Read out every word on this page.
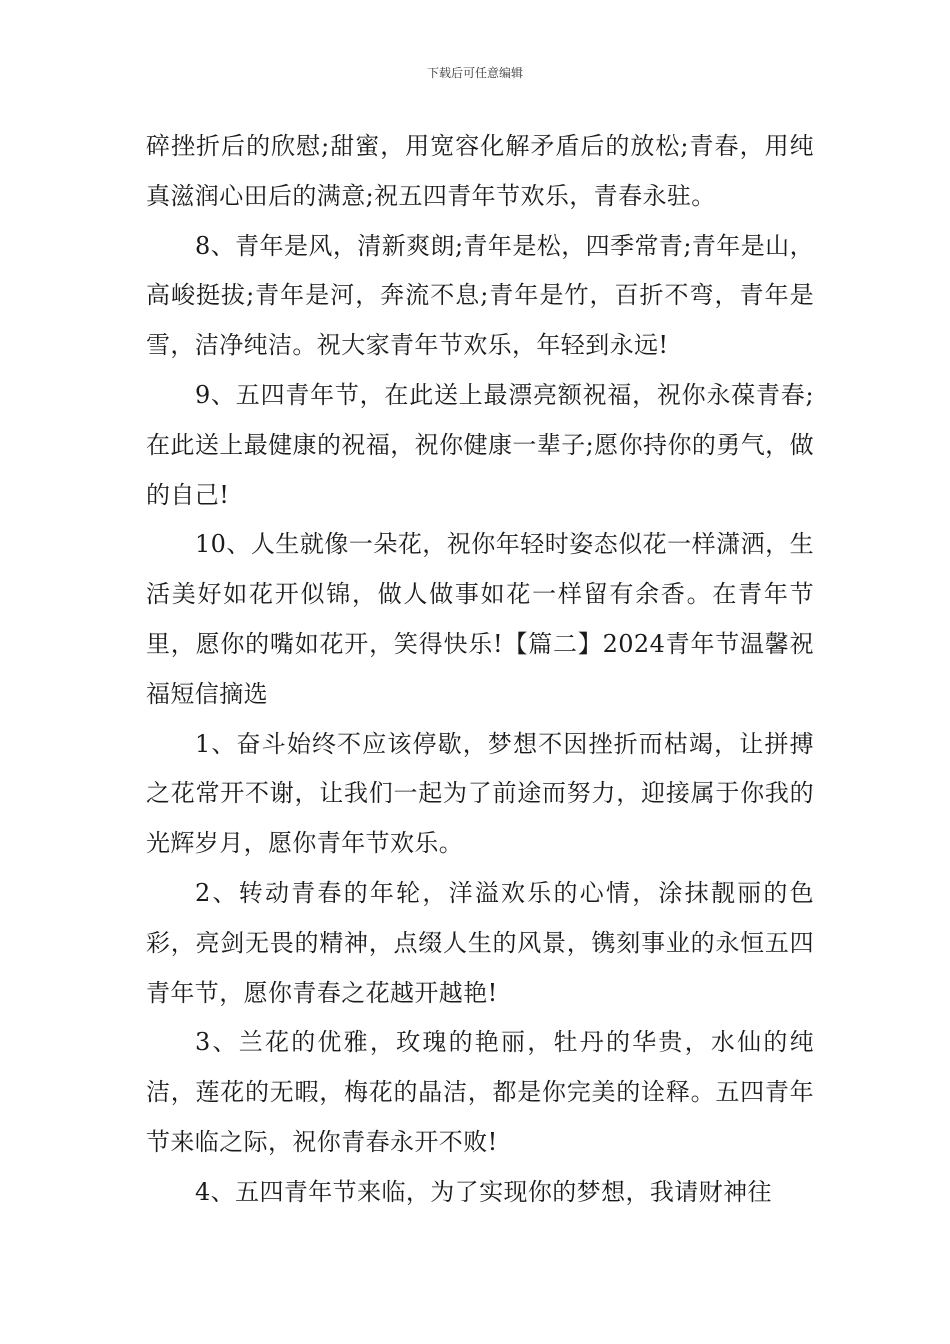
下载后可任意编辑

碎挫折后的欣慰;甜蜜，用宽容化解矛盾后的放松;青春，用纯真滋润心田后的满意;祝五四青年节欢乐，青春永驻。

8、青年是风，清新爽朗;青年是松，四季常青;青年是山，高峻挺拔;青年是河，奔流不息;青年是竹，百折不弯，青年是雪，洁净纯洁。祝大家青年节欢乐，年轻到永远!

9、五四青年节，在此送上最漂亮额祝福，祝你永葆青春;在此送上最健康的祝福，祝你健康一辈子;愿你持你的勇气，做的自己!

10、人生就像一朵花，祝你年轻时姿态似花一样潇洒，生活美好如花开似锦，做人做事如花一样留有余香。在青年节里，愿你的嘴如花开，笑得快乐!【篇二】2024青年节温馨祝福短信摘选

1、奋斗始终不应该停歇，梦想不因挫折而枯竭，让拼搏之花常开不谢，让我们一起为了前途而努力，迎接属于你我的光辉岁月，愿你青年节欢乐。

2、转动青春的年轮，洋溢欢乐的心情，涂抹靓丽的色彩，亮剑无畏的精神，点缀人生的风景，镌刻事业的永恒五四青年节，愿你青春之花越开越艳!

3、兰花的优雅，玫瑰的艳丽，牡丹的华贵，水仙的纯洁，莲花的无暇，梅花的晶洁，都是你完美的诠释。五四青年节来临之际，祝你青春永开不败!

4、五四青年节来临，为了实现你的梦想，我请财神往
